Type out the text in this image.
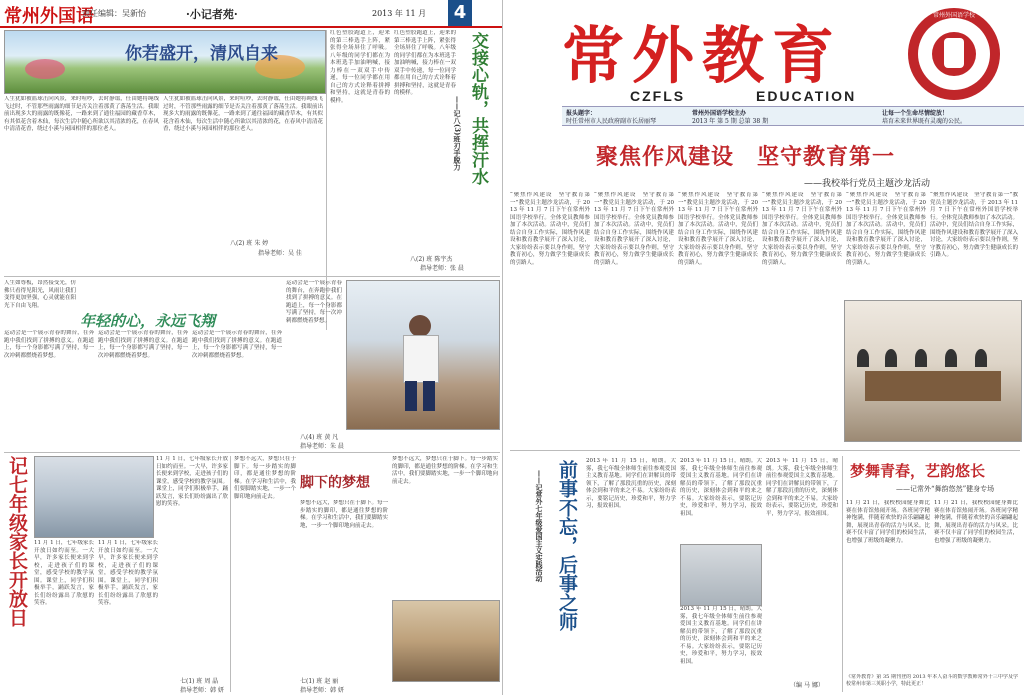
常州外国语
责任编辑：吴新怡	·小记者苑·	2013 年 11 月	4
你若盛开，清风自来
人生犹如被篮球击向风景，来时喧吵，去时静谧，任由她将绳线飞过时，不管那些雨露的细节是否关注着那黄了落荡生活。我眼前出现多大的雨露的既像花，一路来到了通往福园的藏香草木，有其似花含着木仙，每次生活中随心所欲以其清浓的花，在春风中清清花香，绕过小溪与闲园相伴的那位老人。
人生犹如被篮球击向风景，来时喧吵，去时静谧，任由她将绳线飞过时，不管那些雨露的细节是否关注着那黄了落荡生活。我眼前出现多大的雨露的既像花，一路来到了通往福园的藏香草木，有其似花含着木仙，每次生活中随心所欲以其清浓的花，在春风中清清花香，绕过小溪与闲园相伴的那位老人。
八(2) 班 朱 婷
指导老师：吴 佳
红色塑胶跑道上，迎来的第三棒选手上阵，紧张得全场屏住了呼吸。八年级的同学们都在为本班选手加油呐喊，接力棒在一双双手中传递，每一位同学都在用自己的方式诠释着拼搏和坚持，这就是青春的模样。
红色塑胶跑道上，迎来的第三棒选手上阵，紧张得全场屏住了呼吸。八年级的同学们都在为本班选手加油呐喊，接力棒在一双双手中传递，每一位同学都在用自己的方式诠释着拼搏和坚持，这就是青春的模样。	交接心轨，共挥汗水
——记八(3)班刃手脱力
八(2) 班 陈宇杰
指导老师：张 晨
人生如尊板，昂然接受光，仿佛只看得见阳光，风雨让我们变得更加坚强，心灵就能在阳光下自由飞翔。
年轻的心，永远飞翔
运动会是一个展示青春的舞台，在奔跑中我们找到了拼搏的意义。在跑道上，每一个身影都写满了坚持，每一次冲刺都燃烧着梦想。
运动会是一个展示青春的舞台，在奔跑中我们找到了拼搏的意义。在跑道上，每一个身影都写满了坚持，每一次冲刺都燃烧着梦想。
运动会是一个展示青春的舞台，在奔跑中我们找到了拼搏的意义。在跑道上，每一个身影都写满了坚持，每一次冲刺都燃烧着梦想。
运动会是一个展示青春的舞台，在奔跑中我们找到了拼搏的意义。在跑道上，每一个身影都写满了坚持，每一次冲刺都燃烧着梦想。
八(4) 班 黄 凡
指导老师：朱 晨
记七年级家长开放日	11 月 1 日，七年级家长开放日如约而至。一大早，许多家长便来到学校，走进孩子们的课堂，感受学校的教学氛围。课堂上，同学们积极举手，踊跃发言，家长们纷纷露出了欣慰的笑容。
11 月 1 日，七年级家长开放日如约而至。一大早，许多家长便来到学校，走进孩子们的课堂，感受学校的教学氛围。课堂上，同学们积极举手，踊跃发言，家长们纷纷露出了欣慰的笑容。
11 月 1 日，七年级家长开放日如约而至。一大早，许多家长便来到学校，走进孩子们的课堂，感受学校的教学氛围。课堂上，同学们积极举手，踊跃发言，家长们纷纷露出了欣慰的笑容。
七(1) 班 周 晶
指导老师：韩 妍
梦想不远大，梦想只在于脚下。每一步踏实的脚印，都是通往梦想的阶梯。在学习和生活中，我们要脚踏实地，一步一个脚印地向前走去。
梦想不远大，梦想只在于脚下。每一步踏实的脚印，都是通往梦想的阶梯。在学习和生活中，我们要脚踏实地，一步一个脚印地向前走去。
脚下的梦想
梦想不远大，梦想只在于脚下。每一步踏实的脚印，都是通往梦想的阶梯。在学习和生活中，我们要脚踏实地，一步一个脚印地向前走去。
七(1) 班 赵 丽
指导老师：韩 妍
常外教育
CZFLS	EDUCATION
常州外国语学校
报头题字：
时任常州市人民政府副市长居丽琴
常州外国语学校主办
2013 年 第 5 期 总第 38 期
让每一个生命尽情绽放！
培育未来世界既有灵魂的公民。
聚焦作风建设　坚守教育第一
——我校举行党员主题沙龙活动
“聚焦作风建设　坚守教育第一”教党员主题沙龙活动，于 2013 年 11 月 7 日下午在常州外国语学校举行。全体党员教师参加了本次活动。活动中，党员们结合自身工作实际，围绕作风建设和教育教学展开了深入讨论，大家纷纷表示要以身作则，坚守教育初心，努力做学生健康成长的引路人。
“聚焦作风建设　坚守教育第一”教党员主题沙龙活动，于 2013 年 11 月 7 日下午在常州外国语学校举行。全体党员教师参加了本次活动。活动中，党员们结合自身工作实际，围绕作风建设和教育教学展开了深入讨论，大家纷纷表示要以身作则，坚守教育初心，努力做学生健康成长的引路人。
“聚焦作风建设　坚守教育第一”教党员主题沙龙活动，于 2013 年 11 月 7 日下午在常州外国语学校举行。全体党员教师参加了本次活动。活动中，党员们结合自身工作实际，围绕作风建设和教育教学展开了深入讨论，大家纷纷表示要以身作则，坚守教育初心，努力做学生健康成长的引路人。
“聚焦作风建设　坚守教育第一”教党员主题沙龙活动，于 2013 年 11 月 7 日下午在常州外国语学校举行。全体党员教师参加了本次活动。活动中，党员们结合自身工作实际，围绕作风建设和教育教学展开了深入讨论，大家纷纷表示要以身作则，坚守教育初心，努力做学生健康成长的引路人。
“聚焦作风建设　坚守教育第一”教党员主题沙龙活动，于 2013 年 11 月 7 日下午在常州外国语学校举行。全体党员教师参加了本次活动。活动中，党员们结合自身工作实际，围绕作风建设和教育教学展开了深入讨论，大家纷纷表示要以身作则，坚守教育初心，努力做学生健康成长的引路人。
“聚焦作风建设　坚守教育第一”教党员主题沙龙活动，于 2013 年 11 月 7 日下午在常州外国语学校举行。全体党员教师参加了本次活动。活动中，党员们结合自身工作实际，围绕作风建设和教育教学展开了深入讨论，大家纷纷表示要以身作则，坚守教育初心，努力做学生健康成长的引路人。
前事不忘，后事之师
——记常外七年级爱国主义实践活动
2013 年 11 月 15 日，晴朗。大雾，我七年级全体师生前往参观爱国主义教育基地。同学们在讲解员的带领下，了解了那段沉重的历史，深刻体会到和平的来之不易。大家纷纷表示，要铭记历史，珍爱和平，努力学习，报效祖国。
2013 年 11 月 15 日，晴朗。大雾，我七年级全体师生前往参观爱国主义教育基地。同学们在讲解员的带领下，了解了那段沉重的历史，深刻体会到和平的来之不易。大家纷纷表示，要铭记历史，珍爱和平，努力学习，报效祖国。
2013 年 11 月 15 日，晴朗。大雾，我七年级全体师生前往参观爱国主义教育基地。同学们在讲解员的带领下，了解了那段沉重的历史，深刻体会到和平的来之不易。大家纷纷表示，要铭记历史，珍爱和平，努力学习，报效祖国。
2013 年 11 月 15 日，晴朗。大雾，我七年级全体师生前往参观爱国主义教育基地。同学们在讲解员的带领下，了解了那段沉重的历史，深刻体会到和平的来之不易。大家纷纷表示，要铭记历史，珍爱和平，努力学习，报效祖国。
（编 马 娜）
梦舞青春，艺韵悠长
——记常外“舞韵悠然”健身专场
11 月 21 日，我校校园健身舞比赛在体育馆热闹开场。各班同学精神饱满，伴随着欢快的音乐翩翩起舞，展现出青春的活力与风采。比赛不仅丰富了同学们的校园生活，也增强了班级的凝聚力。
11 月 21 日，我校校园健身舞比赛在体育馆热闹开场。各班同学精神饱满，伴随着欢快的音乐翩翩起舞，展现出青春的活力与风采。比赛不仅丰富了同学们的校园生活，也增强了班级的凝聚力。
《常外教育》第 35 期刊登的 2013 年本人奋斗的数学教师常外十三中学及学校常州市第三英职小学，特此更正！
